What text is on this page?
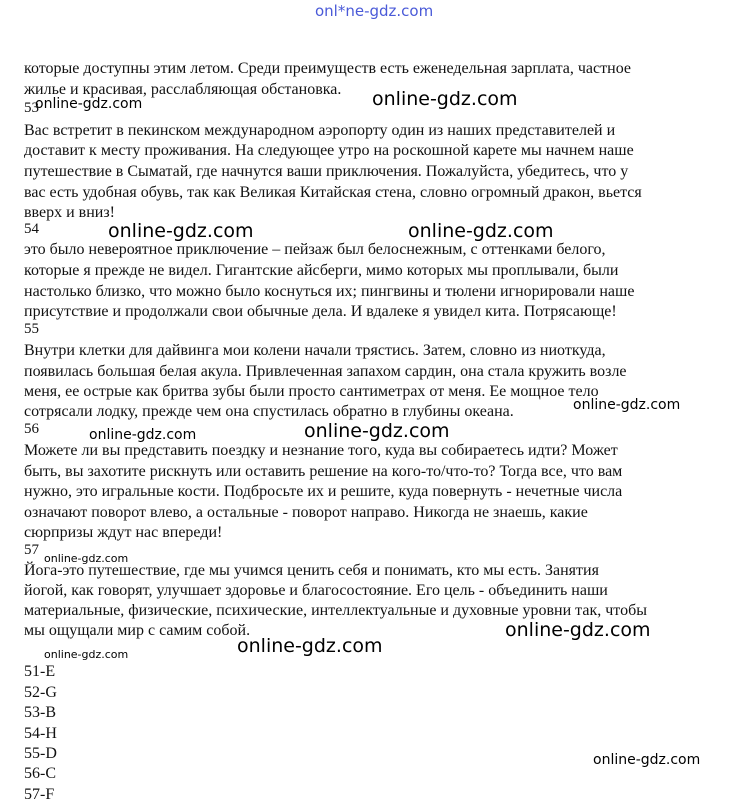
onl*ne-gdz.com
которые доступны этим летом. Среди преимуществ есть еженедельная зарплата, частное
жилье и красивая, расслабляющая обстановка.
53
Вас встретит в пекинском международном аэропорту один из наших представителей и
доставит к месту проживания. На следующее утро на роскошной карете мы начнем наше
путешествие в Сыматай, где начнутся ваши приключения. Пожалуйста, убедитесь, что у
вас есть удобная обувь, так как Великая Китайская стена, словно огромный дракон, вьется
вверх и вниз!
54
это было невероятное приключение – пейзаж был белоснежным, с оттенками белого,
которые я прежде не видел. Гигантские айсберги, мимо которых мы проплывали, были
настолько близко, что можно было коснуться их; пингвины и тюлени игнорировали наше
присутствие и продолжали свои обычные дела. И вдалеке я увидел кита. Потрясающе!
55
Внутри клетки для дайвинга мои колени начали трястись. Затем, словно из ниоткуда,
появилась большая белая акула. Привлеченная запахом сардин, она стала кружить возле
меня, ее острые как бритва зубы были просто сантиметрах от меня. Ее мощное тело
сотрясали лодку, прежде чем она спустилась обратно в глубины океана.
56
Можете ли вы представить поездку и незнание того, куда вы собираетесь идти? Может
быть, вы захотите рискнуть или оставить решение на кого-то/что-то? Тогда все, что вам
нужно, это игральные кости. Подбросьте их и решите, куда повернуть - нечетные числа
означают поворот влево, а остальные - поворот направо. Никогда не знаешь, какие
сюрпризы ждут нас впереди!
57
Йога-это путешествие, где мы учимся ценить себя и понимать, кто мы есть. Занятия
йогой, как говорят, улучшает здоровье и благосостояние. Его цель - объединить наши
материальные, физические, психические, интеллектуальные и духовные уровни так, чтобы
мы ощущали мир с самим собой.
51-E
52-G
53-B
54-H
55-D
56-C
57-F
online-gdz.com	online-gdz.com
online-gdz.com	online-gdz.com
online-gdz.com
online-gdz.com
online-gdz.com
online-gdz.com
online-gdz.com
online-gdz.com
online-gdz.com
online-gdz.com
